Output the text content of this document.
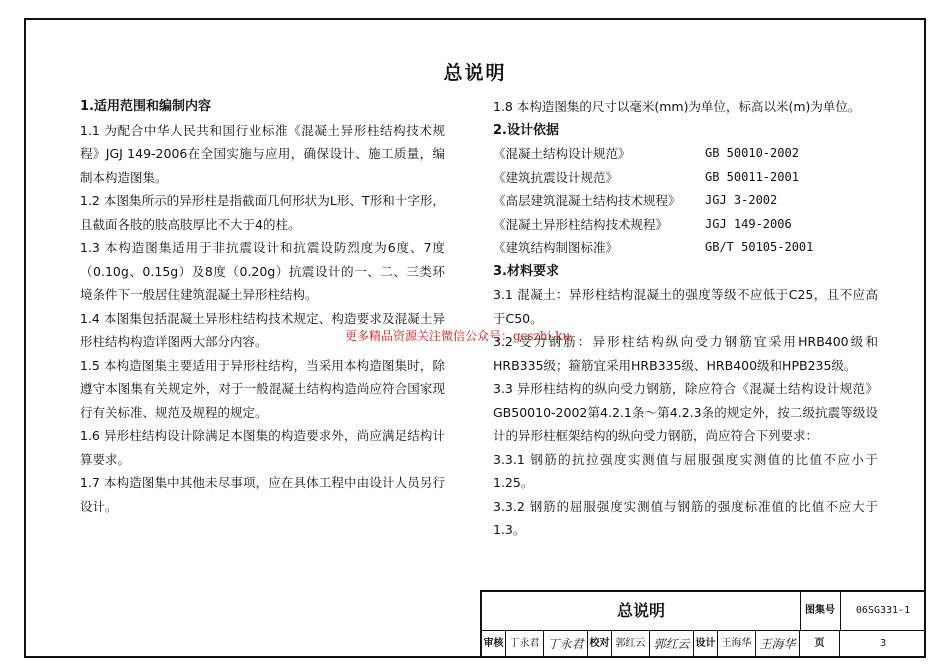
总说明

1.适用范围和编制内容

1.1 为配合中华人民共和国行业标准《混凝土异形柱结构技术规程》JGJ 149-2006在全国实施与应用，确保设计、施工质量，编制本构造图集。

1.2 本图集所示的异形柱是指截面几何形状为L形、T形和十字形，且截面各肢的肢高肢厚比不大于4的柱。

1.3 本构造图集适用于非抗震设计和抗震设防烈度为6度、7度（0.10g、0.15g）及8度（0.20g）抗震设计的一、二、三类环境条件下一般居住建筑混凝土异形柱结构。

1.4 本图集包括混凝土异形柱结构技术规定、构造要求及混凝土异形柱结构构造详图两大部分内容。

1.5 本构造图集主要适用于异形柱结构，当采用本构造图集时，除遵守本图集有关规定外，对于一般混凝土结构构造尚应符合国家现行有关标准、规范及规程的规定。

1.6 异形柱结构设计除满足本图集的构造要求外，尚应满足结构计算要求。

1.7 本构造图集中其他未尽事项，应在具体工程中由设计人员另行设计。

1.8 本构造图集的尺寸以毫米(mm)为单位，标高以米(m)为单位。

2.设计依据

《混凝土结构设计规范》	GB 50010-2002
《建筑抗震设计规范》	GB 50011-2001
《高层建筑混凝土结构技术规程》	JGJ 3-2002
《混凝土异形柱结构技术规程》	JGJ 149-2006
《建筑结构制图标准》	GB/T 50105-2001

3.材料要求

3.1 混凝土：异形柱结构混凝土的强度等级不应低于C25，且不应高于C50。

3.2 受力钢筋：异形柱结构纵向受力钢筋宜采用HRB400级和HRB335级；箍筋宜采用HRB335级、HRB400级和HPB235级。

3.3 异形柱结构的纵向受力钢筋，除应符合《混凝土结构设计规范》GB50010-2002第4.2.1条～第4.2.3条的规定外，按二级抗震等级设计的异形柱框架结构的纵向受力钢筋，尚应符合下列要求：

3.3.1 钢筋的抗拉强度实测值与屈服强度实测值的比值不应小于1.25。

3.3.2 钢筋的屈服强度实测值与钢筋的强度标准值的比值不应大于1.3。

更多精品资源关注微信公众号：gcszhi.ku
总说明	图集号	06SG331-1
审核 丁永君 丁永君 校对 郭红云 郭红云 设计 王海华 王海华	页	3
